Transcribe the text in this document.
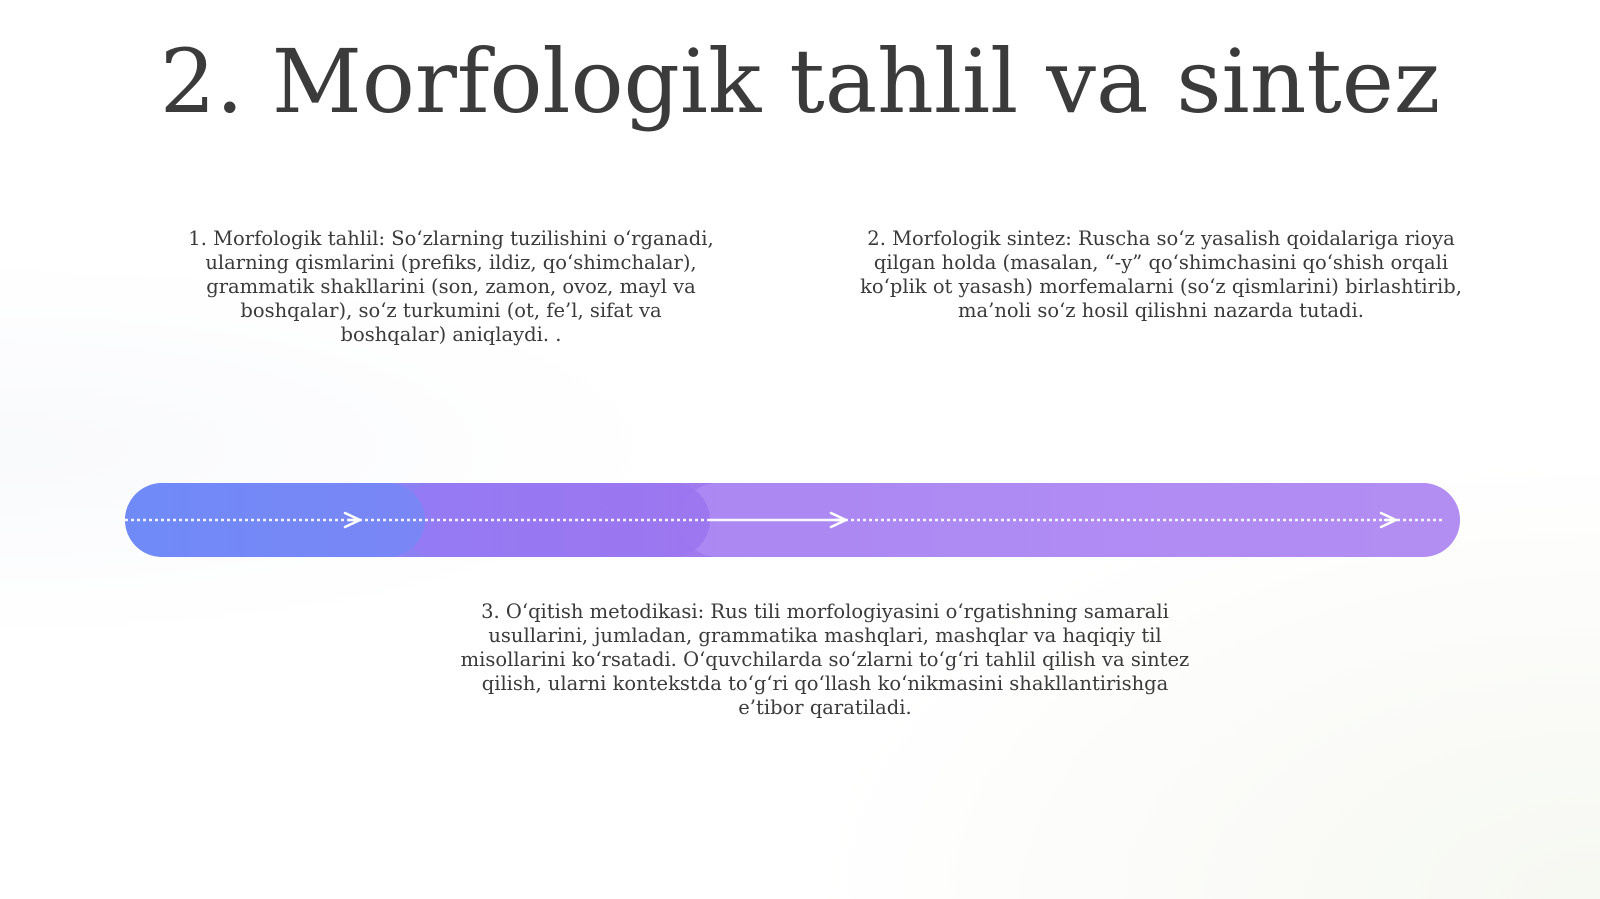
2. Morfologik tahlil va sintez

1. Morfologik tahlil: So‘zlarning tuzilishini o‘rganadi, ularning qismlarini (prefiks, ildiz, qo‘shimchalar), grammatik shakllarini (son, zamon, ovoz, mayl va boshqalar), so‘z turkumini (ot, fe’l, sifat va boshqalar) aniqlaydi. .

2. Morfologik sintez: Ruscha so‘z yasalish qoidalariga rioya qilgan holda (masalan, “-y” qo‘shimchasini qo‘shish orqali ko‘plik ot yasash) morfemalarni (so‘z qismlarini) birlashtirib, ma’noli so‘z hosil qilishni nazarda tutadi.

3. O‘qitish metodikasi: Rus tili morfologiyasini o‘rgatishning samarali usullarini, jumladan, grammatika mashqlari, mashqlar va haqiqiy til misollarini ko‘rsatadi. O‘quvchilarda so‘zlarni to‘g‘ri tahlil qilish va sintez qilish, ularni kontekstda to‘g‘ri qo‘llash ko‘nikmasini shakllantirishga e’tibor qaratiladi.
